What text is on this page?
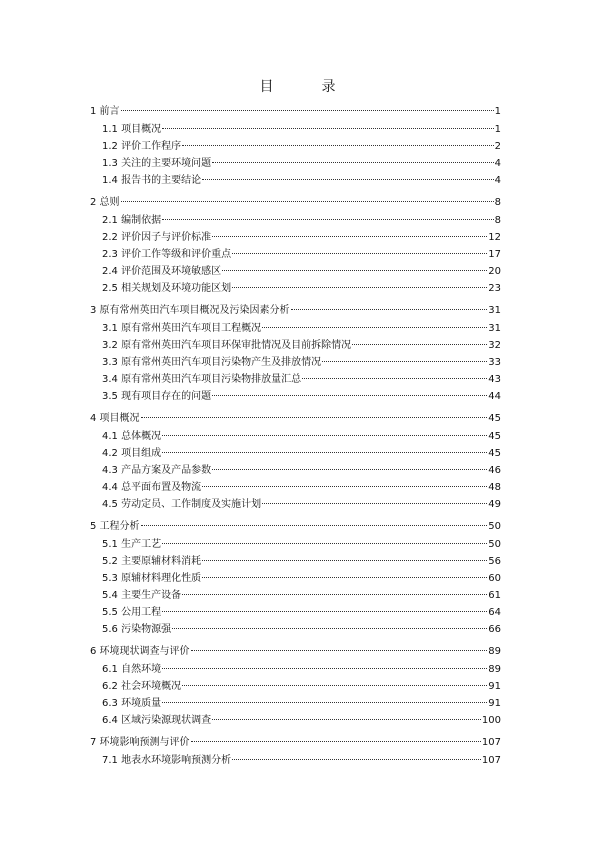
目	录
1 前言	1
1.1 项目概况	1
1.2 评价工作程序	2
1.3 关注的主要环境问题	4
1.4 报告书的主要结论	4
2 总则	8
2.1 编制依据	8
2.2 评价因子与评价标准	12
2.3 评价工作等级和评价重点	17
2.4 评价范围及环境敏感区	20
2.5 相关规划及环境功能区划	23
3 原有常州英田汽车项目概况及污染因素分析	31
3.1 原有常州英田汽车项目工程概况	31
3.2 原有常州英田汽车项目环保审批情况及目前拆除情况	32
3.3 原有常州英田汽车项目污染物产生及排放情况	33
3.4 原有常州英田汽车项目污染物排放量汇总	43
3.5 现有项目存在的问题	44
4 项目概况	45
4.1 总体概况	45
4.2 项目组成	45
4.3 产品方案及产品参数	46
4.4 总平面布置及物流	48
4.5 劳动定员、工作制度及实施计划	49
5 工程分析	50
5.1 生产工艺	50
5.2 主要原辅材料消耗	56
5.3 原辅材料理化性质	60
5.4 主要生产设备	61
5.5 公用工程	64
5.6 污染物源强	66
6 环境现状调查与评价	89
6.1 自然环境	89
6.2 社会环境概况	91
6.3 环境质量	91
6.4 区域污染源现状调查	100
7 环境影响预测与评价	107
7.1 地表水环境影响预测分析	107
